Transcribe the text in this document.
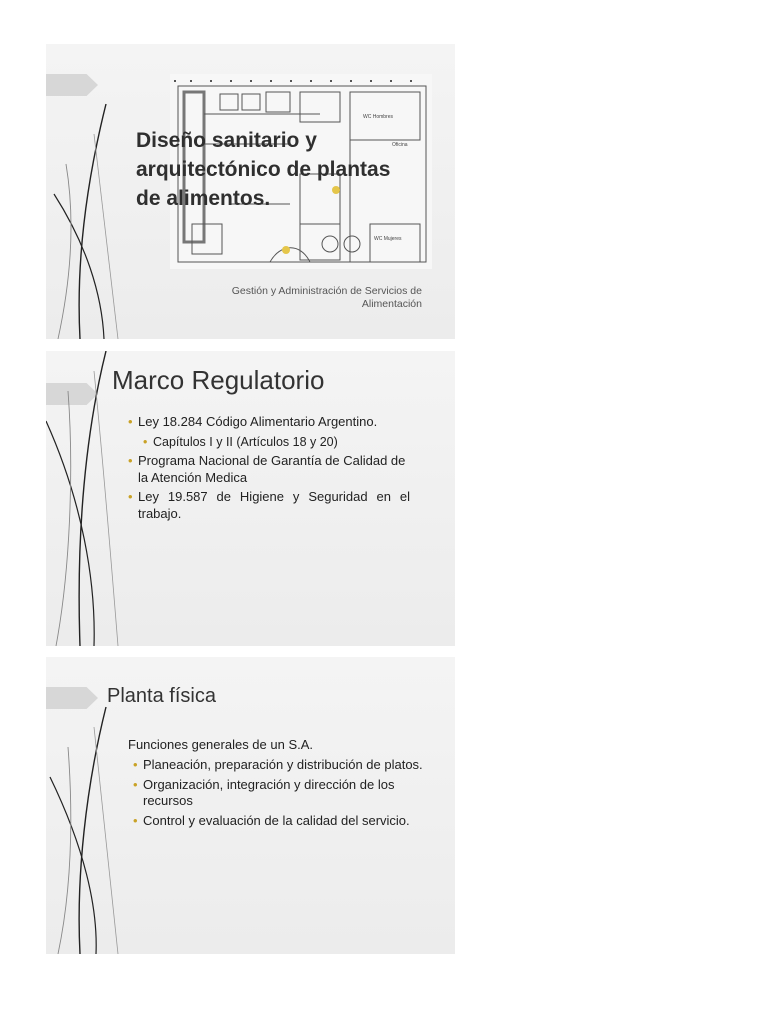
WC Hombres
Oficina
WC Mujeres
Diseño sanitario y
arquitectónico de plantas
de alimentos.
Gestión y Administración de Servicios de Alimentación
Marco Regulatorio
• Ley 18.284 Código Alimentario Argentino.
• Capítulos I y II (Artículos 18 y 20)
• Programa Nacional de Garantía de Calidad de la Atención Medica
• Ley 19.587 de Higiene y Seguridad en el trabajo.
Planta física

Funciones generales de un S.A.

• Planeación, preparación y distribución de platos.
• Organización, integración y dirección de los recursos
• Control y evaluación de la calidad del servicio.
